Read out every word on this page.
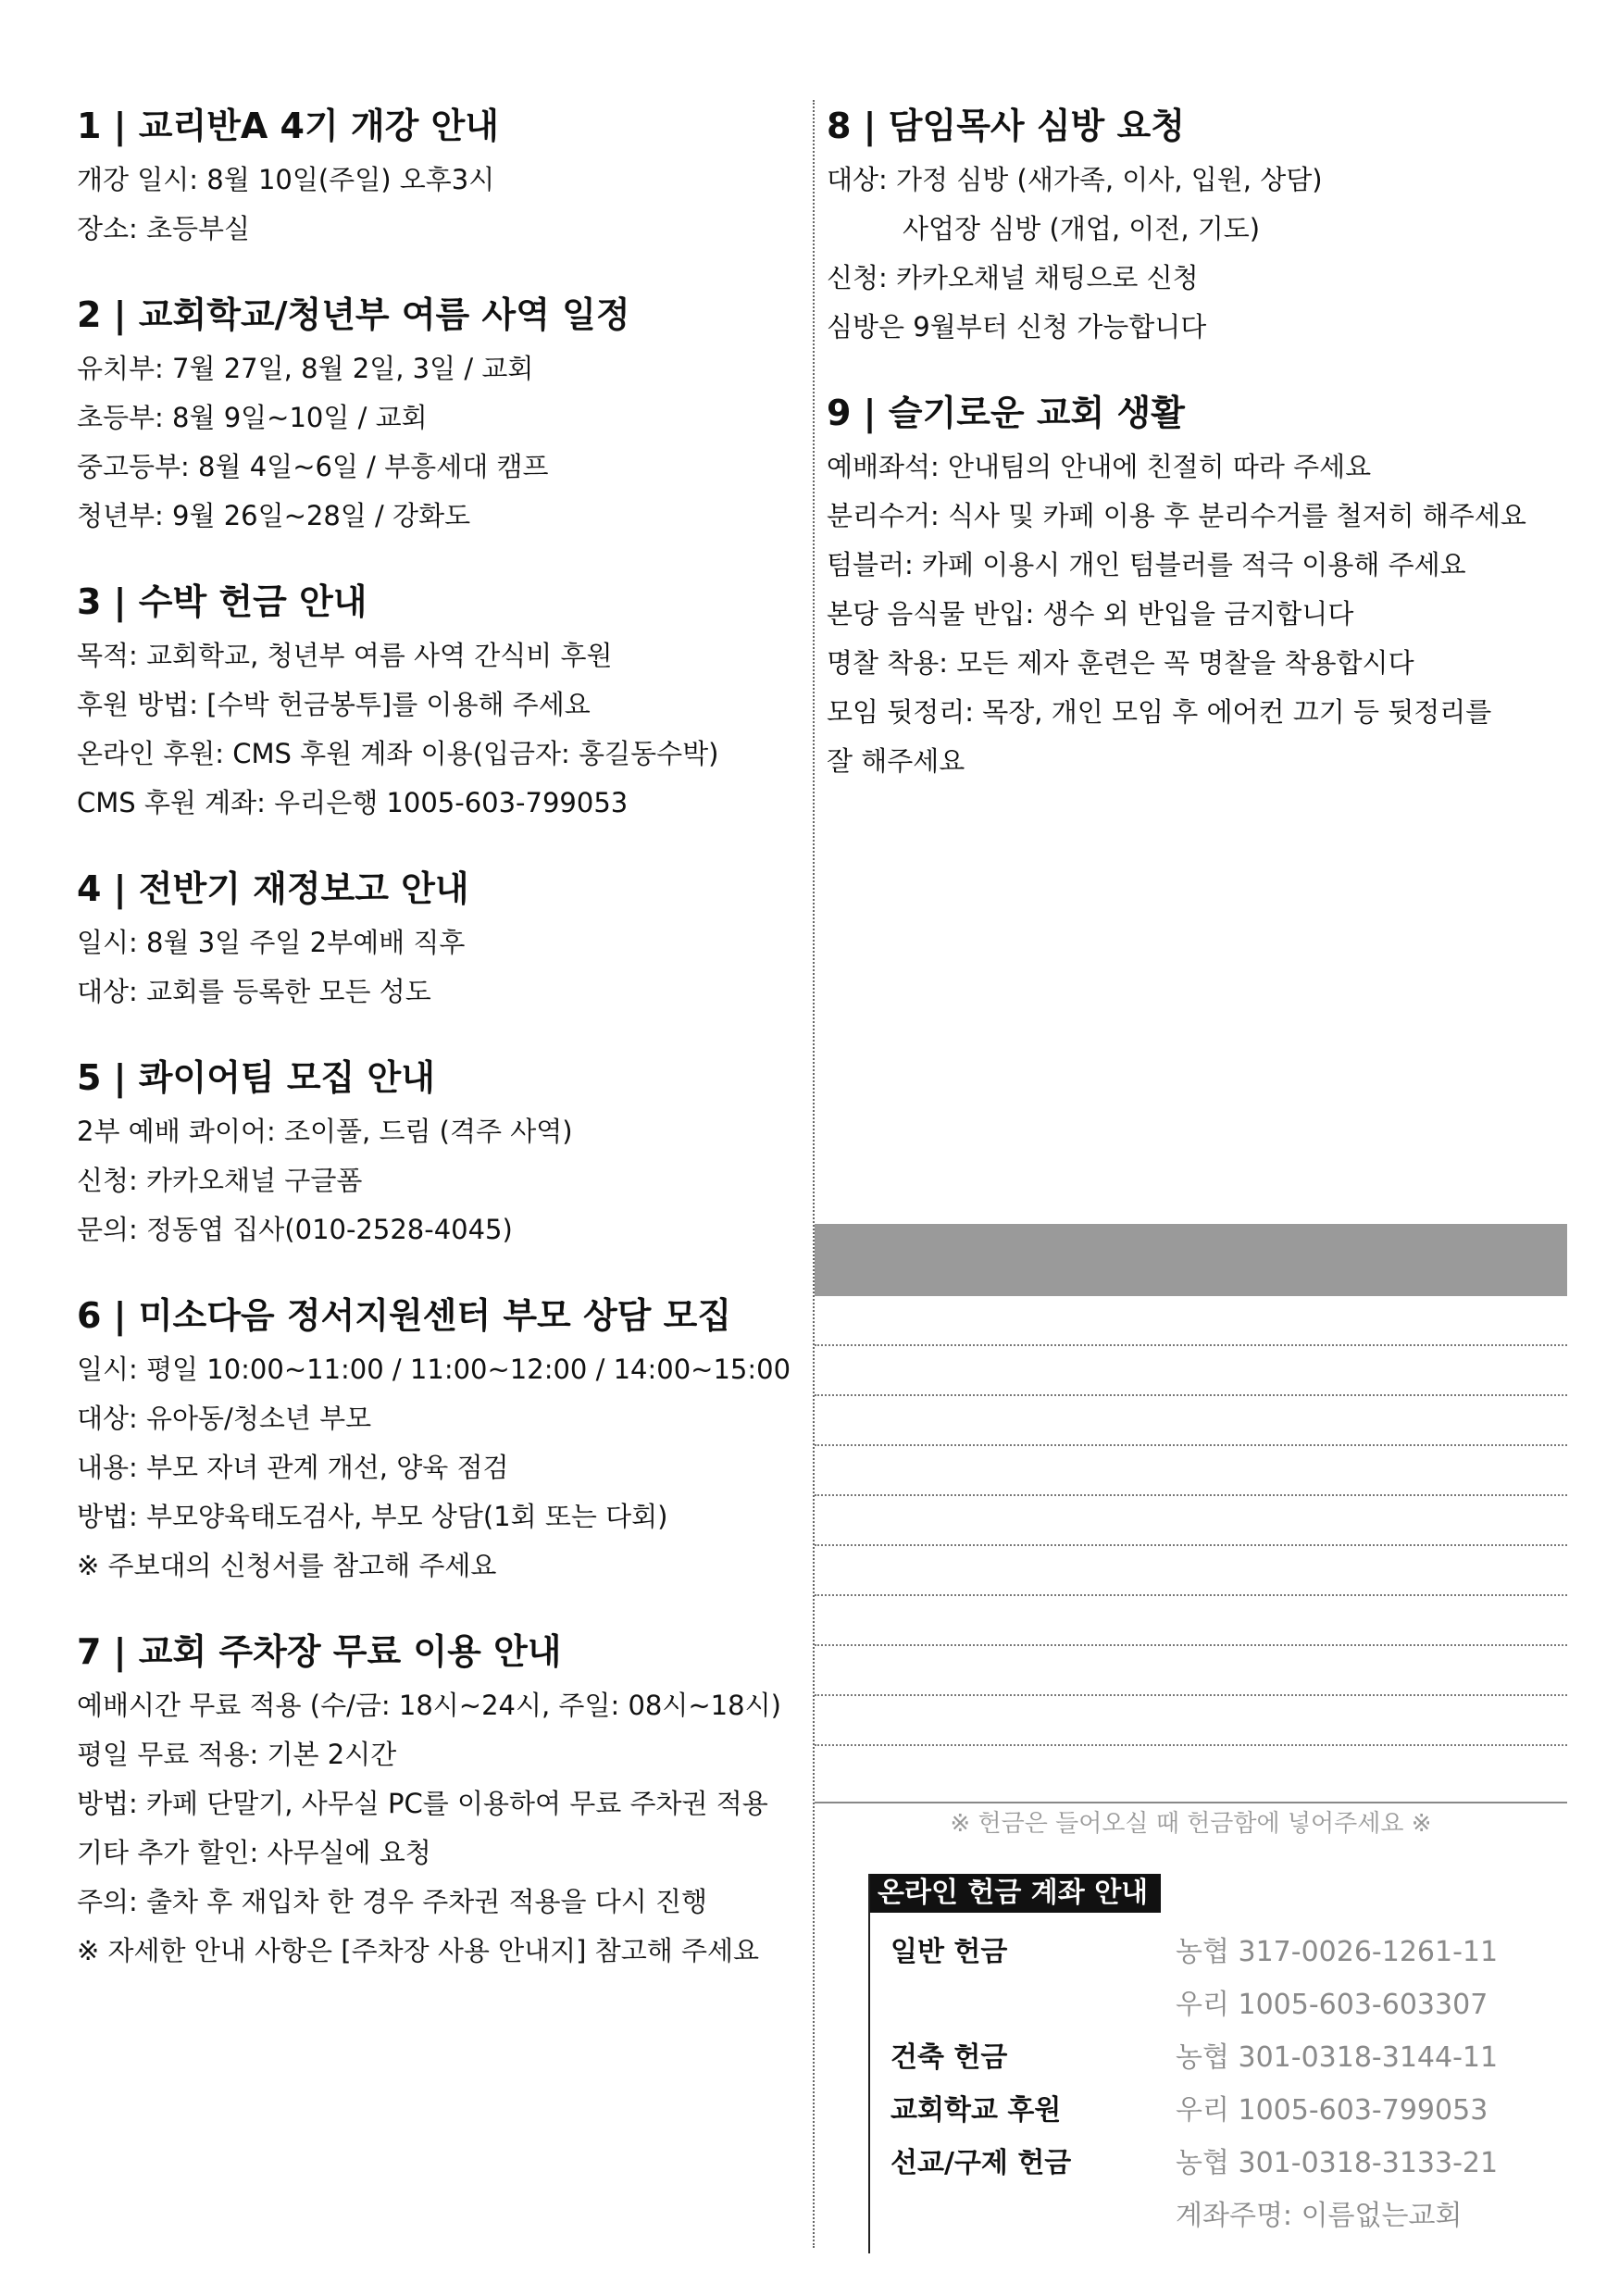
1 | 교리반A 4기 개강 안내
개강 일시: 8월 10일(주일) 오후3시
장소: 초등부실
2 | 교회학교/청년부 여름 사역 일정
유치부: 7월 27일, 8월 2일, 3일 / 교회
초등부: 8월 9일~10일 / 교회
중고등부: 8월 4일~6일 / 부흥세대 캠프
청년부: 9월 26일~28일 / 강화도
3 | 수박 헌금 안내
목적: 교회학교, 청년부 여름 사역 간식비 후원
후원 방법: [수박 헌금봉투]를 이용해 주세요
온라인 후원: CMS 후원 계좌 이용(입금자: 홍길동수박)
CMS 후원 계좌: 우리은행 1005-603-799053
4 | 전반기 재정보고 안내
일시: 8월 3일 주일 2부예배 직후
대상: 교회를 등록한 모든 성도
5 | 콰이어팀 모집 안내
2부 예배 콰이어: 조이풀, 드림 (격주 사역)
신청: 카카오채널 구글폼
문의: 정동엽 집사(010-2528-4045)
6 | 미소다음 정서지원센터 부모 상담 모집
일시: 평일 10:00~11:00 / 11:00~12:00 / 14:00~15:00
대상: 유아동/청소년 부모
내용: 부모 자녀 관계 개선, 양육 점검
방법: 부모양육태도검사, 부모 상담(1회 또는 다회)
※ 주보대의 신청서를 참고해 주세요
7 | 교회 주차장 무료 이용 안내
예배시간 무료 적용 (수/금: 18시~24시, 주일: 08시~18시)
평일 무료 적용: 기본 2시간
방법: 카페 단말기, 사무실 PC를 이용하여 무료 주차권 적용
기타 추가 할인: 사무실에 요청
주의: 출차 후 재입차 한 경우 주차권 적용을 다시 진행
※ 자세한 안내 사항은 [주차장 사용 안내지] 참고해 주세요
8 | 담임목사 심방 요청
대상: 가정 심방 (새가족, 이사, 입원, 상담)
사업장 심방 (개업, 이전, 기도)
신청: 카카오채널 채팅으로 신청
심방은 9월부터 신청 가능합니다
9 | 슬기로운 교회 생활
예배좌석: 안내팀의 안내에 친절히 따라 주세요
분리수거: 식사 및 카페 이용 후 분리수거를 철저히 해주세요
텀블러: 카페 이용시 개인 텀블러를 적극 이용해 주세요
본당 음식물 반입: 생수 외 반입을 금지합니다
명찰 착용: 모든 제자 훈련은 꼭 명찰을 착용합시다
모임 뒷정리: 목장, 개인 모임 후 에어컨 끄기 등 뒷정리를
잘 해주세요
※ 헌금은 들어오실 때 헌금함에 넣어주세요 ※
온라인 헌금 계좌 안내
일반 헌금	농협 317-0026-1261-11
우리 1005-603-603307
건축 헌금	농협 301-0318-3144-11
교회학교 후원	우리 1005-603-799053
선교/구제 헌금	농협 301-0318-3133-21
계좌주명: 이름없는교회
